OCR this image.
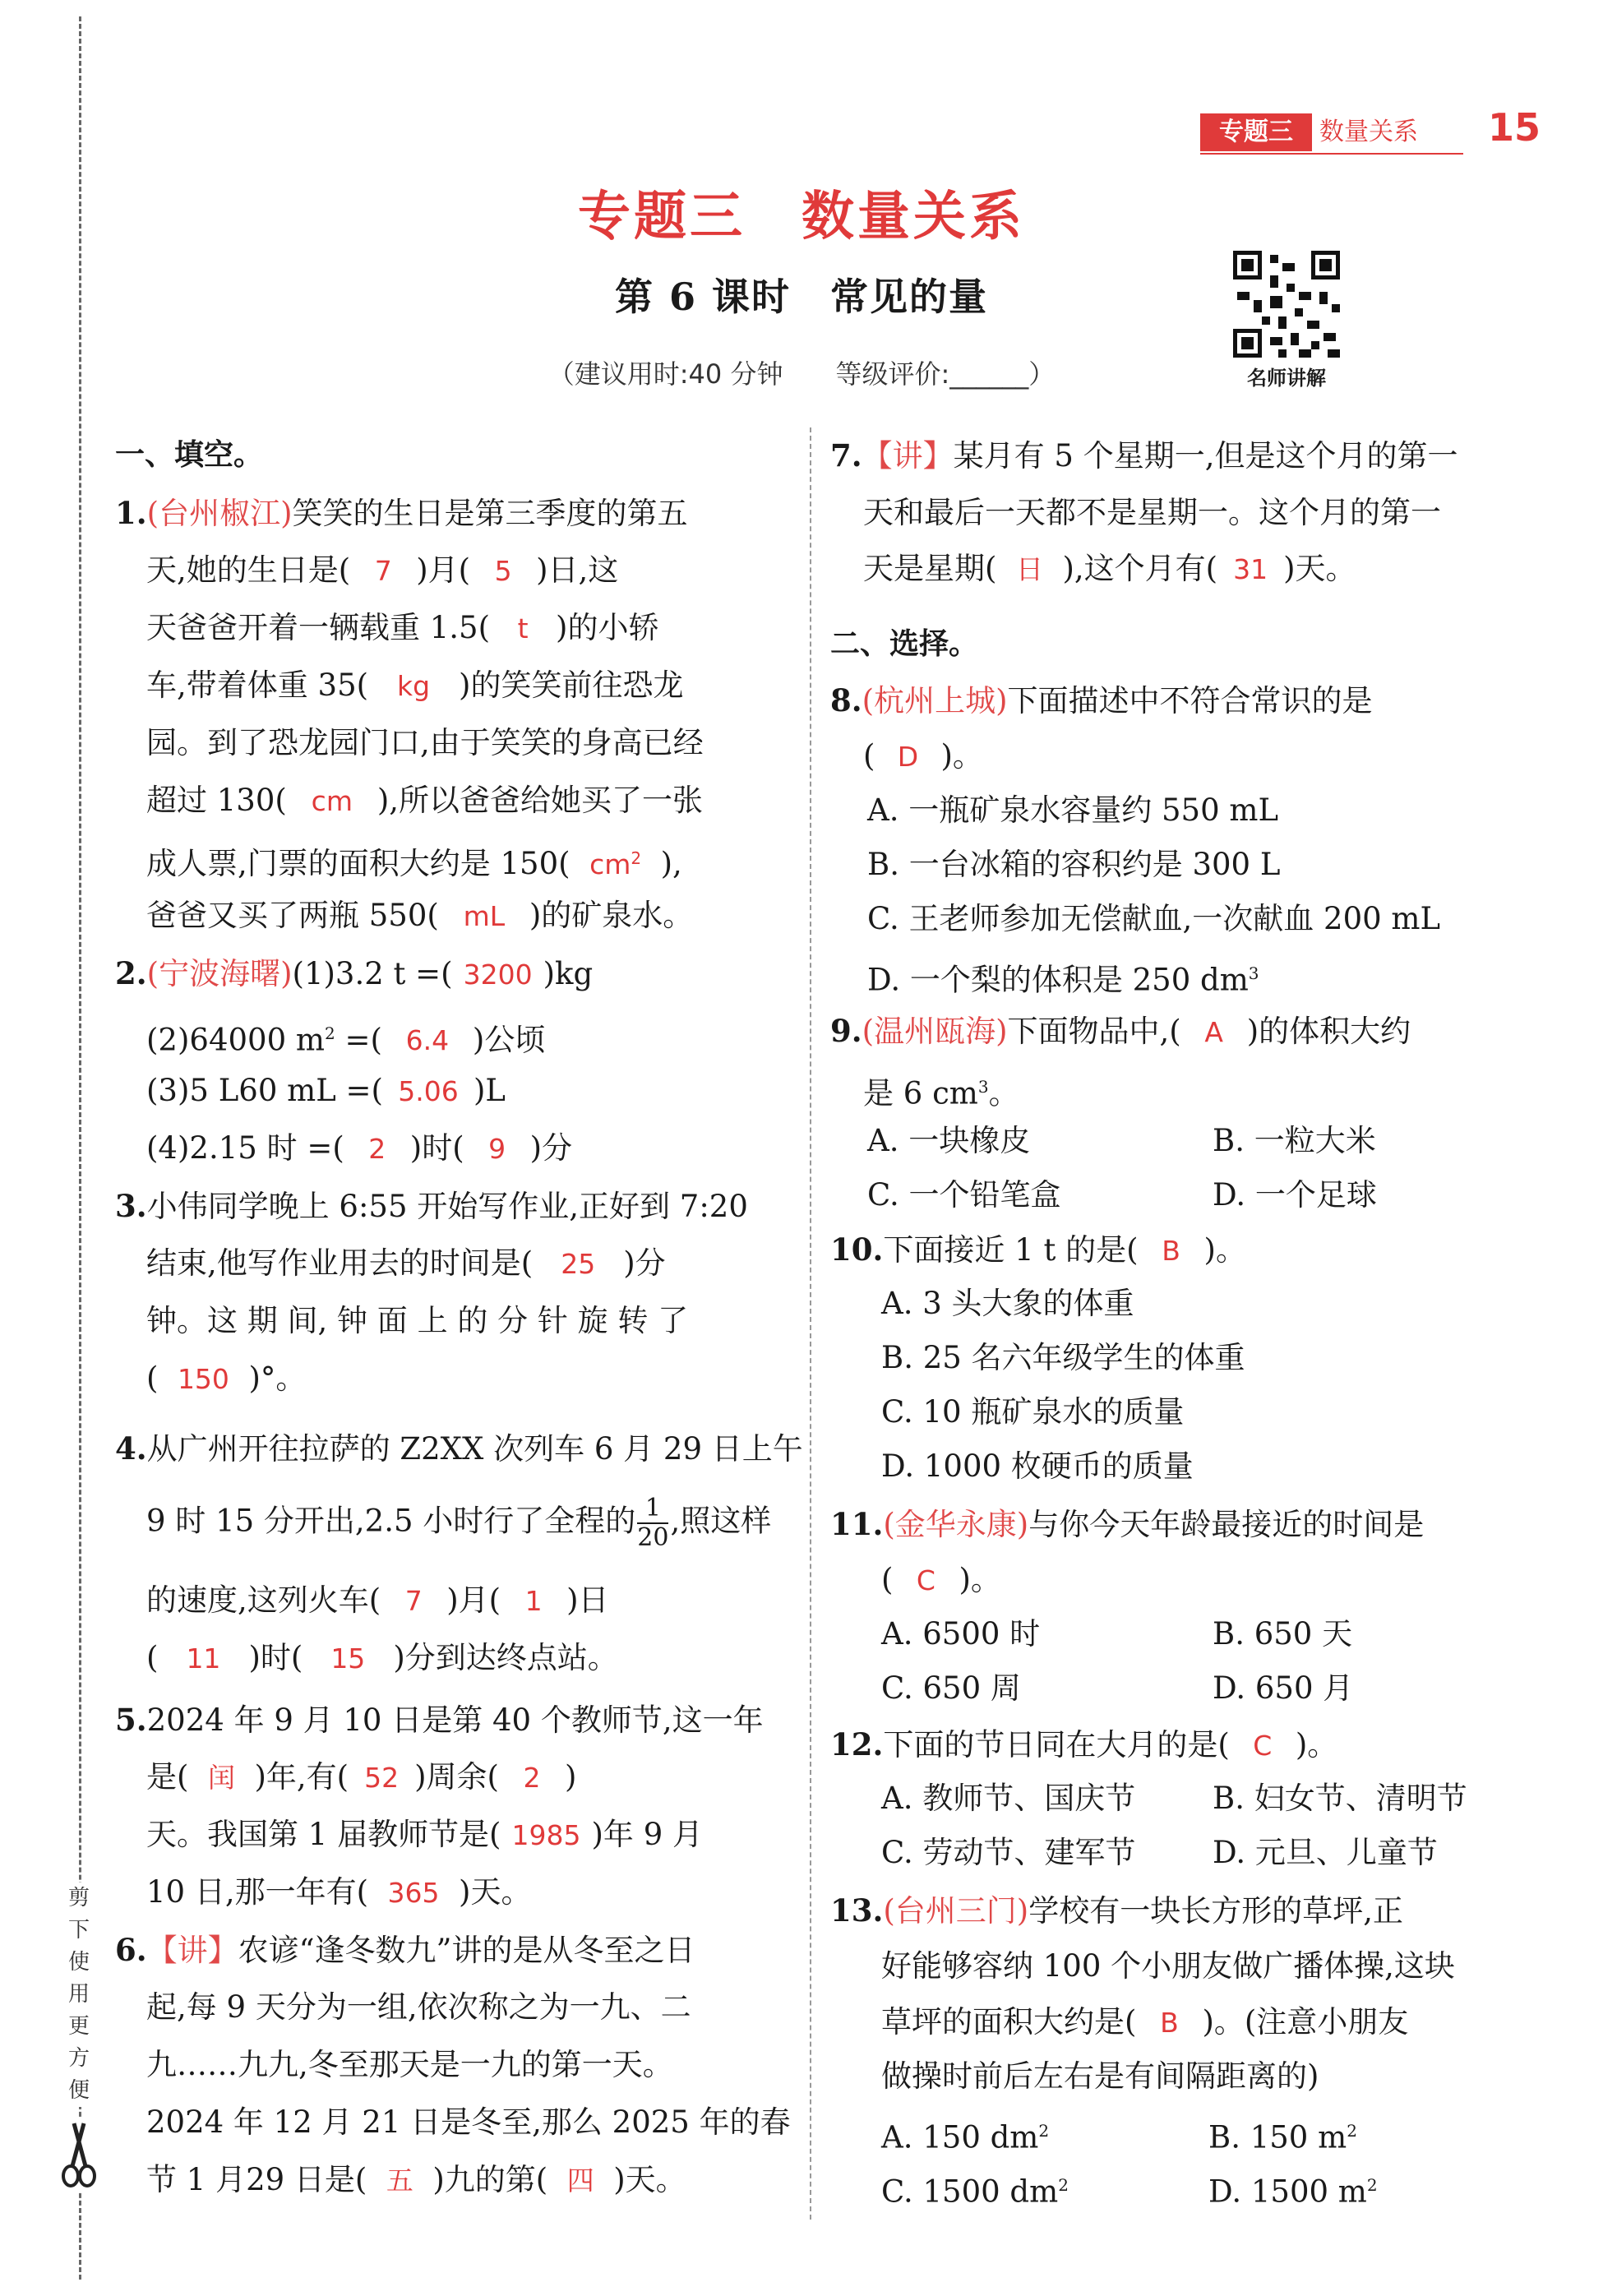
剪下使用更方便
专题三	数量关系 15
专题三　数量关系
第 6 课时　常见的量
（建议用时:40 分钟　　等级评价:______）	名师讲解
一、填空。
1.(台州椒江)笑笑的生日是第三季度的第五
天,她的生日是( 7 )月( 5 )日,这
天爸爸开着一辆载重 1.5( t )的小轿
车,带着体重 35( kg )的笑笑前往恐龙
园。到了恐龙园门口,由于笑笑的身高已经
超过 130( cm ),所以爸爸给她买了一张
成人票,门票的面积大约是 150( $cm^2$ ),
爸爸又买了两瓶 550( mL )的矿泉水。
2.(宁波海曙)(1)3.2 t =( 3200 )kg
(2)64000 $m^2$ =( 6.4 )公顷
(3)5 L60 mL =( 5.06 )L
(4)2.15 时 =( 2 )时( 9 )分
3.小伟同学晚上 6:55 开始写作业,正好到 7:20
结束,他写作业用去的时间是( 25 )分
钟。这 期 间, 钟 面 上 的 分 针 旋 转 了
( 150 )°。
4.从广州开往拉萨的 Z2XX 次列车 6 月 29 日上午
9 时 15 分开出,2.5 小时行了全程的 $\frac{1}{20}$ ,照这样
的速度,这列火车( 7 )月( 1 )日
( 11 )时( 15 )分到达终点站。
5.2024 年 9 月 10 日是第 40 个教师节,这一年
是( 闰 )年,有( 52 )周余( 2 )
天。我国第 1 届教师节是( 1985 )年 9 月
10 日,那一年有( 365 )天。
6.【讲】农谚“逢冬数九”讲的是从冬至之日
起,每 9 天分为一组,依次称之为一九、二
九……九九,冬至那天是一九的第一天。
2024 年 12 月 21 日是冬至,那么 2025 年的春
节 1 月29 日是( 五 )九的第( 四 )天。
7.【讲】某月有 5 个星期一,但是这个月的第一
天和最后一天都不是星期一。这个月的第一
天是星期( 日 ),这个月有( 31 )天。
二、选择。
8.(杭州上城)下面描述中不符合常识的是
( D )。
A. 一瓶矿泉水容量约 550 mL
B. 一台冰箱的容积约是 300 L
C. 王老师参加无偿献血,一次献血 200 mL
D. 一个梨的体积是 250 $dm^3$
9.(温州瓯海)下面物品中,( A )的体积大约
是 6 $cm^3$。
A. 一块橡皮	B. 一粒大米
C. 一个铅笔盒	D. 一个足球
10.下面接近 1 t 的是( B )。
A. 3 头大象的体重
B. 25 名六年级学生的体重
C. 10 瓶矿泉水的质量
D. 1000 枚硬币的质量
11.(金华永康)与你今天年龄最接近的时间是
( C )。
A. 6500 时	B. 650 天
C. 650 周	D. 650 月
12.下面的节日同在大月的是( C )。
A. 教师节、国庆节	B. 妇女节、清明节
C. 劳动节、建军节	D. 元旦、儿童节
13.(台州三门)学校有一块长方形的草坪,正
好能够容纳 100 个小朋友做广播体操,这块
草坪的面积大约是( B )。(注意小朋友
做操时前后左右是有间隔距离的)
A. 150 $dm^2$	B. 150 $m^2$
C. 1500 $dm^2$	D. 1500 $m^2$
